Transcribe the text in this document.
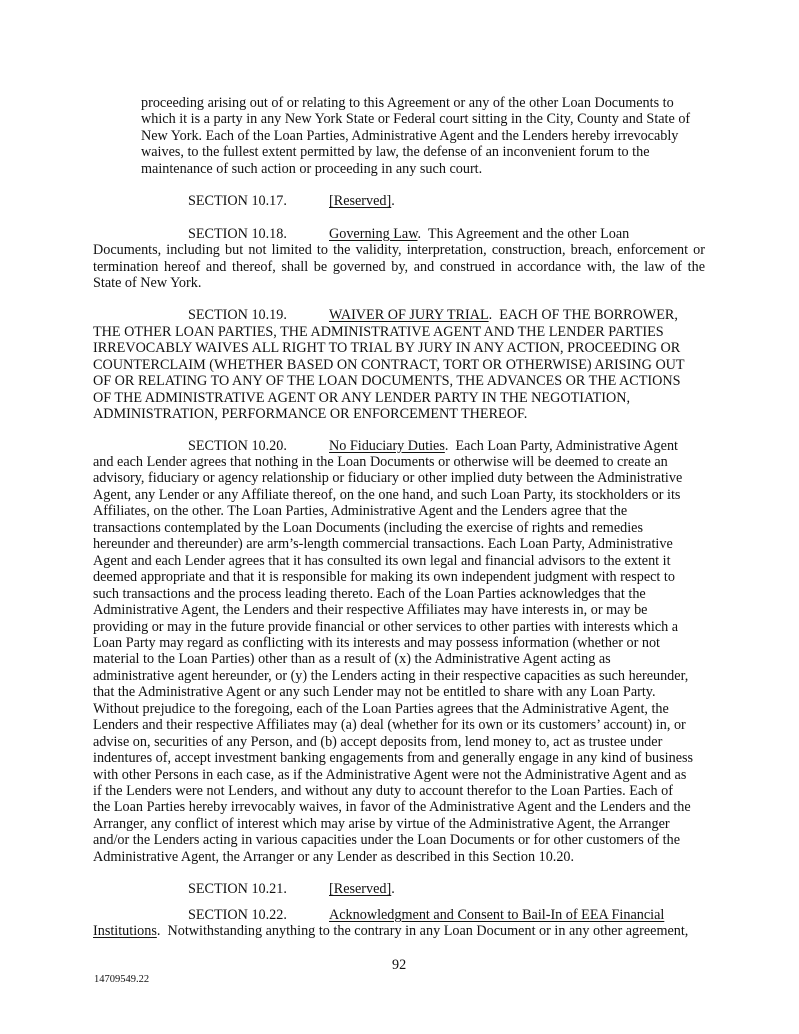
proceeding arising out of or relating to this Agreement or any of the other Loan Documents to
which it is a party in any New York State or Federal court sitting in the City, County and State of
New York. Each of the Loan Parties, Administrative Agent and the Lenders hereby irrevocably
waives, to the fullest extent permitted by law, the defense of an inconvenient forum to the
maintenance of such action or proceeding in any such court.
SECTION 10.17.	[Reserved].
SECTION 10.18.	Governing Law.  This Agreement and the other Loan
Documents, including but not limited to the validity, interpretation, construction, breach, enforcement or
termination hereof and thereof, shall be governed by, and construed in accordance with, the law of the
State of New York.
SECTION 10.19.	WAIVER OF JURY TRIAL.  EACH OF THE BORROWER,
THE OTHER LOAN PARTIES, THE ADMINISTRATIVE AGENT AND THE LENDER PARTIES
IRREVOCABLY WAIVES ALL RIGHT TO TRIAL BY JURY IN ANY ACTION, PROCEEDING OR
COUNTERCLAIM (WHETHER BASED ON CONTRACT, TORT OR OTHERWISE) ARISING OUT
OF OR RELATING TO ANY OF THE LOAN DOCUMENTS, THE ADVANCES OR THE ACTIONS
OF THE ADMINISTRATIVE AGENT OR ANY LENDER PARTY IN THE NEGOTIATION,
ADMINISTRATION, PERFORMANCE OR ENFORCEMENT THEREOF.
SECTION 10.20.	No Fiduciary Duties.  Each Loan Party, Administrative Agent
and each Lender agrees that nothing in the Loan Documents or otherwise will be deemed to create an
advisory, fiduciary or agency relationship or fiduciary or other implied duty between the Administrative
Agent, any Lender or any Affiliate thereof, on the one hand, and such Loan Party, its stockholders or its
Affiliates, on the other. The Loan Parties, Administrative Agent and the Lenders agree that the
transactions contemplated by the Loan Documents (including the exercise of rights and remedies
hereunder and thereunder) are arm’s-length commercial transactions. Each Loan Party, Administrative
Agent and each Lender agrees that it has consulted its own legal and financial advisors to the extent it
deemed appropriate and that it is responsible for making its own independent judgment with respect to
such transactions and the process leading thereto. Each of the Loan Parties acknowledges that the
Administrative Agent, the Lenders and their respective Affiliates may have interests in, or may be
providing or may in the future provide financial or other services to other parties with interests which a
Loan Party may regard as conflicting with its interests and may possess information (whether or not
material to the Loan Parties) other than as a result of (x) the Administrative Agent acting as
administrative agent hereunder, or (y) the Lenders acting in their respective capacities as such hereunder,
that the Administrative Agent or any such Lender may not be entitled to share with any Loan Party.
Without prejudice to the foregoing, each of the Loan Parties agrees that the Administrative Agent, the
Lenders and their respective Affiliates may (a) deal (whether for its own or its customers’ account) in, or
advise on, securities of any Person, and (b) accept deposits from, lend money to, act as trustee under
indentures of, accept investment banking engagements from and generally engage in any kind of business
with other Persons in each case, as if the Administrative Agent were not the Administrative Agent and as
if the Lenders were not Lenders, and without any duty to account therefor to the Loan Parties. Each of
the Loan Parties hereby irrevocably waives, in favor of the Administrative Agent and the Lenders and the
Arranger, any conflict of interest which may arise by virtue of the Administrative Agent, the Arranger
and/or the Lenders acting in various capacities under the Loan Documents or for other customers of the
Administrative Agent, the Arranger or any Lender as described in this Section 10.20.
SECTION 10.21.	[Reserved].
SECTION 10.22.	Acknowledgment and Consent to Bail-In of EEA Financial
Institutions.  Notwithstanding anything to the contrary in any Loan Document or in any other agreement,
92
14709549.22
